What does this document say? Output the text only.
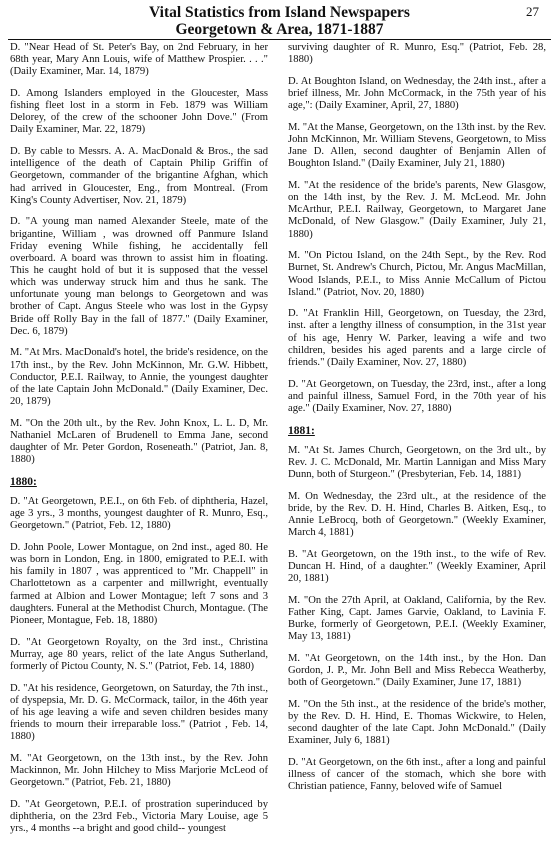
27
Vital Statistics from Island Newspapers
Georgetown & Area, 1871-1887
D. "Near Head of St. Peter's Bay, on 2nd February, in her 68th year, Mary Ann Louis, wife of Matthew Prospier. . . ." (Daily Examiner, Mar. 14, 1879)
D. Among Islanders employed in the Gloucester, Mass fishing fleet lost in a storm in Feb. 1879 was William Delorey, of the crew of the schooner John Dove." (From Daily Examiner, Mar. 22, 1879)
D. By cable to Messrs. A. A. MacDonald & Bros., the sad intelligence of the death of Captain Philip Griffin of Georgetown, commander of the brigantine Afghan, which had arrived in Gloucester, Eng., from Montreal. (From King's County Advertiser, Nov. 21, 1879)
D. "A young man named Alexander Steele, mate of the brigantine, William , was drowned off Panmure Island Friday evening While fishing, he accidentally fell overboard. A board was thrown to assist him in floating. This he caught hold of but it is supposed that the vessel which was underway struck him and thus he sank. The unfortunate young man belongs to Georgetown and was brother of Capt. Angus Steele who was lost in the Gypsy Bride off Rolly Bay in the fall of 1877." (Daily Examiner, Dec. 6, 1879)
M. "At Mrs. MacDonald's hotel, the bride's residence, on the 17th inst., by the Rev. John McKinnon, Mr. G.W. Hibbett, Conductor, P.E.I. Railway, to Annie, the youngest daughter of the late Captain John McDonald." (Daily Examiner, Dec. 20, 1879)
M. "On the 20th ult., by the Rev. John Knox, L. L. D, Mr. Nathaniel McLaren of Brudenell to Emma Jane, second daughter of Mr. Peter Gordon, Roseneath." (Patriot, Jan. 8, 1880)
1880:
D. "At Georgetown, P.E.I., on 6th Feb. of diphtheria, Hazel, age 3 yrs., 3 months, youngest daughter of R. Munro, Esq., Georgetown." (Patriot, Feb. 12, 1880)
D. John Poole, Lower Montague, on 2nd inst., aged 80. He was born in London, Eng. in 1800, emigrated to P.E.I. with his family in 1807 , was apprenticed to "Mr. Chappell" in Charlottetown as a carpenter and millwright, eventually farmed at Albion and Lower Montague; left 7 sons and 3 daughters. Funeral at the Methodist Church, Montague. (The Pioneer, Montague, Feb. 18, 1880)
D. "At Georgetown Royalty, on the 3rd inst., Christina Murray, age 80 years, relict of the late Angus Sutherland, formerly of Pictou County, N. S." (Patriot, Feb. 14, 1880)
D. "At his residence, Georgetown, on Saturday, the 7th inst., of dyspepsia, Mr. D. G. McCormack, tailor, in the 46th year of his age leaving a wife and seven children besides many friends to mourn their irreparable loss." (Patriot , Feb. 14, 1880)
M. "At Georgetown, on the 13th inst., by the Rev. John Mackinnon, Mr. John Hilchey to Miss Marjorie McLeod of Georgetown." (Patriot, Feb. 21, 1880)
D. "At Georgetown, P.E.I. of prostration superinduced by diphtheria, on the 23rd Feb., Victoria Mary Louise, age 5 yrs., 4 months --a bright and good child-- youngest
surviving daughter of R. Munro, Esq." (Patriot, Feb. 28, 1880)
D. At Boughton Island, on Wednesday, the 24th inst., after a brief illness, Mr. John McCormack, in the 75th year of his age,": (Daily Examiner, April, 27, 1880)
M. "At the Manse, Georgetown, on the 13th inst. by the Rev. John McKinnon, Mr. William Stevens, Georgetown, to Miss Jane D. Allen, second daughter of Benjamin Allen of Boughton Island." (Daily Examiner, July 21, 1880)
M. "At the residence of the bride's parents, New Glasgow, on the 14th inst, by the Rev. J. M. McLeod. Mr. John McArthur, P.E.I. Railway, Georgetown, to Margaret Jane McDonald, of New Glasgow." (Daily Examiner, July 21, 1880)
M. "On Pictou Island, on the 24th Sept., by the Rev. Rod Burnet, St. Andrew's Church, Pictou, Mr. Angus MacMillan, Wood Islands, P.E.I., to Miss Annie McCallum of Pictou Island." (Patriot, Nov. 20, 1880)
D. "At Franklin Hill, Georgetown, on Tuesday, the 23rd, inst. after a lengthy illness of consumption, in the 31st year of his age, Henry W. Parker, leaving a wife and two children, besides his aged parents and a large circle of friends." (Daily Examiner, Nov. 27, 1880)
D. "At Georgetown, on Tuesday, the 23rd, inst., after a long and painful illness, Samuel Ford, in the 70th year of his age." (Daily Examiner, Nov. 27, 1880)
1881:
M. "At St. James Church, Georgetown, on the 3rd ult., by Rev. J. C. McDonald, Mr. Martin Lannigan and Miss Mary Dunn, both of Sturgeon." (Presbyterian, Feb. 14, 1881)
M. On Wednesday, the 23rd ult., at the residence of the bride, by the Rev. D. H. Hind, Charles B. Aitken, Esq., to Annie LeBrocq, both of Georgetown." (Weekly Examiner, March 4, 1881)
B. "At Georgetown, on the 19th inst., to the wife of Rev. Duncan H. Hind, of a daughter." (Weekly Examiner, April 20, 1881)
M. "On the 27th April, at Oakland, California, by the Rev. Father King, Capt. James Garvie, Oakland, to Lavinia F. Burke, formerly of Georgetown, P.E.I. (Weekly Examiner, May 13, 1881)
M. "At Georgetown, on the 14th inst., by the Hon. Dan Gordon, J. P., Mr. John Bell and Miss Rebecca Weatherby, both of Georgetown." (Daily Examiner, June 17, 1881)
M. "On the 5th inst., at the residence of the bride's mother, by the Rev. D. H. Hind, E. Thomas Wickwire, to Helen, second daughter of the late Capt. John McDonald." (Daily Examiner, July 6, 1881)
D. "At Georgetown, on the 6th inst., after a long and painful illness of cancer of the stomach, which she bore with Christian patience, Fanny, beloved wife of Samuel
